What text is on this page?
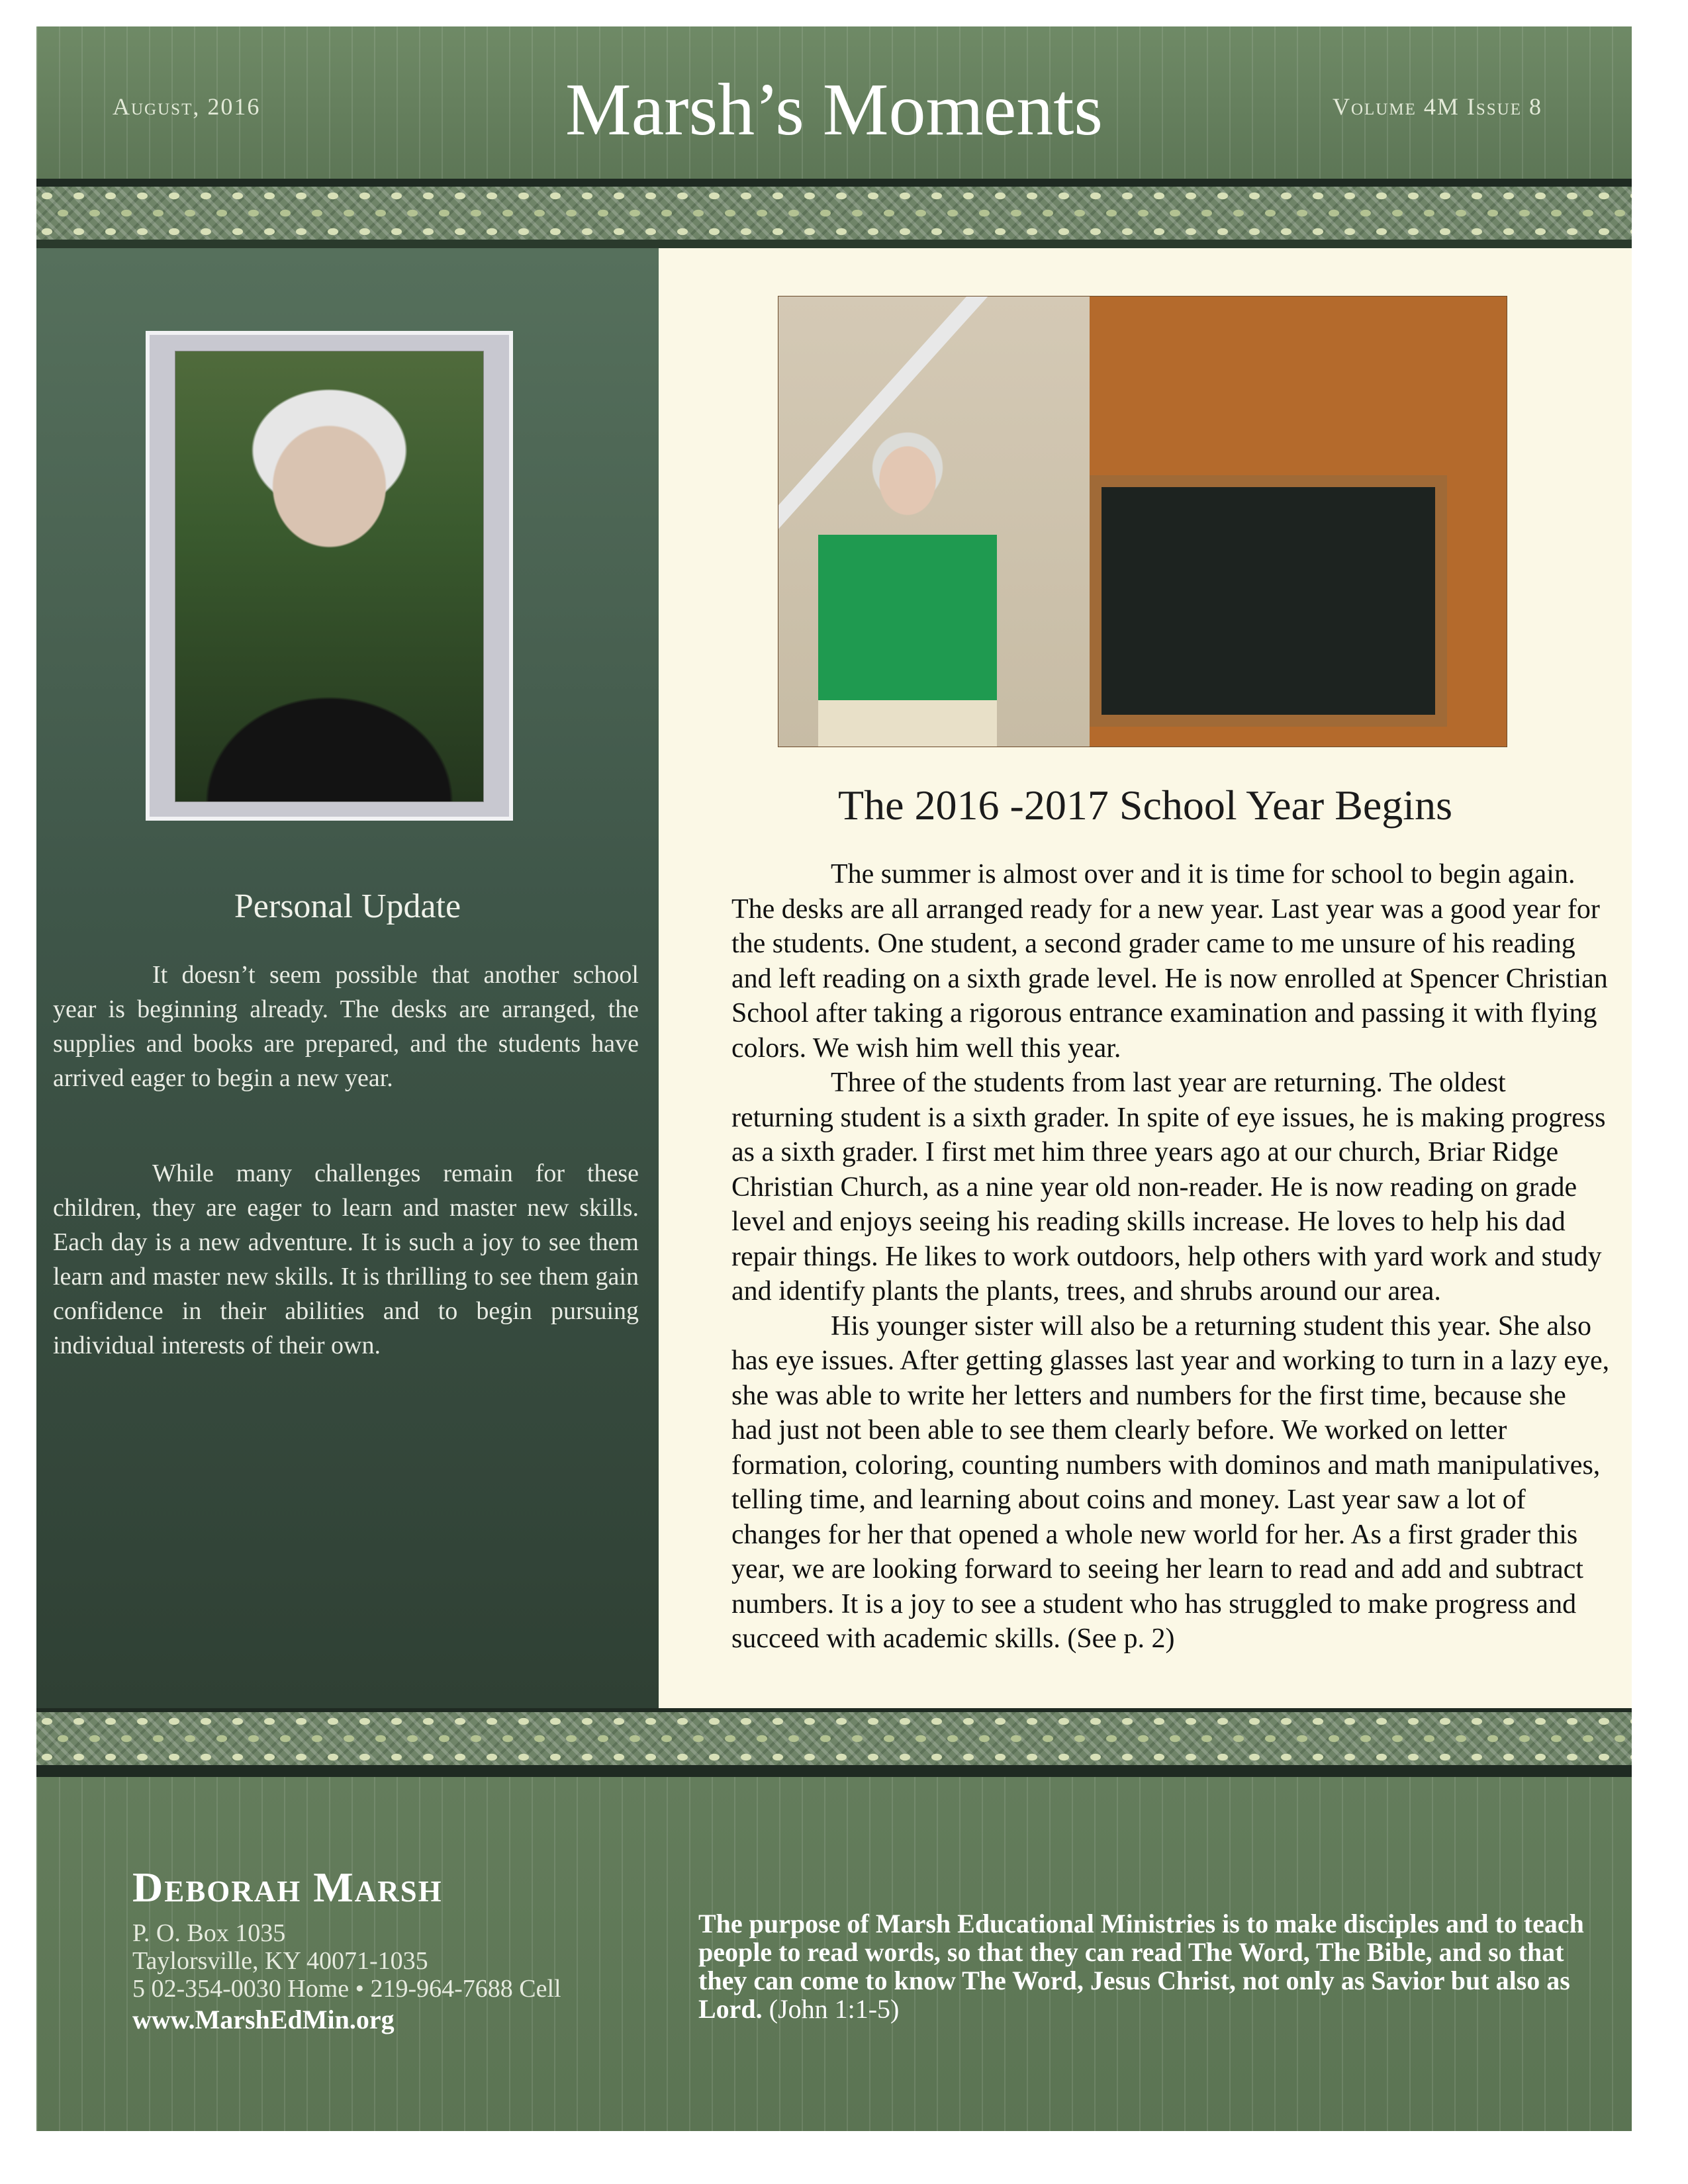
August, 2016	Marsh’s Moments	Volume 4M Issue 8
Personal Update

It doesn’t seem possible that another school year is beginning already. The desks are arranged, the supplies and books are prepared, and the students have arrived eager to begin a new year.

While many challenges remain for these children, they are eager to learn and master new skills. Each day is a new adventure. It is such a joy to see them learn and master new skills. It is thrilling to see them gain confidence in their abilities and to begin pursuing individual interests of their own.

The 2016 -2017 School Year Begins

The summer is almost over and it is time for school to begin again. The desks are all arranged ready for a new year. Last year was a good year for the students. One student, a second grader came to me unsure of his reading and left reading on a sixth grade level. He is now enrolled at Spencer Christian School after taking a rigorous entrance examination and passing it with flying colors. We wish him well this year.

Three of the students from last year are returning. The oldest returning student is a sixth grader. In spite of eye issues, he is making progress as a sixth grader. I first met him three years ago at our church, Briar Ridge Christian Church, as a nine year old non-reader. He is now reading on grade level and enjoys seeing his reading skills increase. He loves to help his dad repair things. He likes to work outdoors, help others with yard work and study and identify plants the plants, trees, and shrubs around our area.

His younger sister will also be a returning student this year. She also has eye issues. After getting glasses last year and working to turn in a lazy eye, she was able to write her letters and numbers for the first time, because she had just not been able to see them clearly before. We worked on letter formation, coloring, counting numbers with dominos and math manipulatives, telling time, and learning about coins and money. Last year saw a lot of changes for her that opened a whole new world for her. As a first grader this year, we are looking forward to seeing her learn to read and add and subtract numbers. It is a joy to see a student who has struggled to make progress and succeed with academic skills. (See p. 2)

Deborah Marsh
P. O. Box 1035
Taylorsville, KY 40071-1035
5 02-354-0030 Home • 219-964-7688 Cell
www.MarshEdMin.org

The purpose of Marsh Educational Ministries is to make disciples and to teach people to read words, so that they can read The Word, The Bible, and so that they can come to know The Word, Jesus Christ, not only as Savior but also as Lord. (John 1:1-5)
